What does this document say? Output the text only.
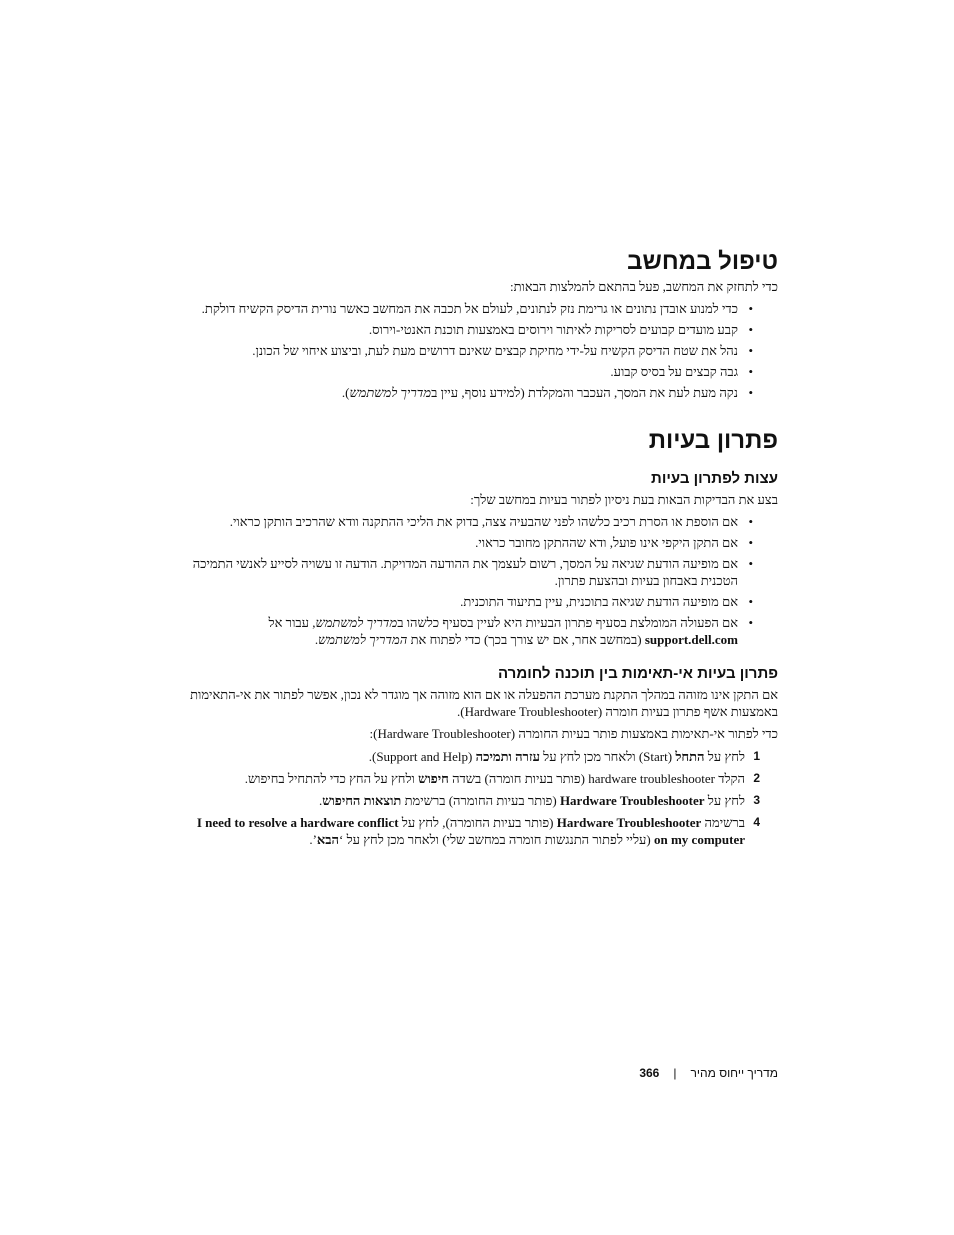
טיפול במחשב

כדי לתחזק את המחשב, פעל בהתאם להמלצות הבאות:

• כדי למנוע אובדן נתונים או גרימת נזק לנתונים, לעולם אל תכבה את המחשב כאשר נורית הדיסק הקשיח דולקת.
• קבע מועדים קבועים לסריקות לאיתור וירוסים באמצעות תוכנת האנטי-וירוס.
• נהל את שטח הדיסק הקשיח על-ידי מחיקת קבצים שאינם דרושים מעת לעת, וביצוע איחוי של הכונן.
• גבה קבצים על בסיס קבוע.
• נקה מעת לעת את המסך, העכבר והמקלדת (למידע נוסף, עיין במדריך למשתמש).
פתרון בעיות
עצות לפתרון בעיות

בצע את הבדיקות הבאות בעת ניסיון לפתור בעיות במחשב שלך:

• אם הוספת או הסרת רכיב כלשהו לפני שהבעיה צצה, בדוק את הליכי ההתקנה וודא שהרכיב הותקן כראוי.
• אם התקן היקפי אינו פועל, ודא שההתקן מחובר כראוי.
• אם מופיעה הודעת שגיאה על המסך, רשום לעצמך את ההודעה המדויקת. הודעה זו עשויה לסייע לאנשי התמיכה הטכנית באבחון בעיות ובהצעת פתרון.
• אם מופיעה הודעת שגיאה בתוכנית, עיין בתיעוד התוכנית.
• אם הפעולה המומלצת בסעיף פתרון הבעיות היא לעיין בסעיף כלשהו במדריך למשתמש, עבור אל support.dell.com (במחשב אחר, אם יש צורך בכך) כדי לפתוח את המדריך למשתמש.
פתרון בעיות אי-תאימות בין תוכנה לחומרה

אם התקן אינו מזוהה במהלך התקנת מערכת ההפעלה או אם הוא מזוהה אך מוגדר לא נכון, אפשר לפתור את אי-התאימות באמצעות אשף פתרון בעיות חומרה (Hardware Troubleshooter).

כדי לפתור אי-תאימות באמצעות פותר בעיות החומרה (Hardware Troubleshooter):

1
לחץ על התחל (Start) ולאחר מכן לחץ על עזרה ותמיכה (Support and Help).
2
הקלד hardware troubleshooter (פותר בעיות חומרה) בשדה חיפוש ולחץ על החץ כדי להתחיל בחיפוש.
3
לחץ על Hardware Troubleshooter (פותר בעיות החומרה) ברשימת תוצאות החיפוש.
4
ברשימה Hardware Troubleshooter (פותר בעיות החומרה), לחץ על I need to resolve a hardware conflict on my computer (עליי לפתור התנגשות חומרה במחשב שלי) ולאחר מכן לחץ על ‘הבא’.
מדריך ייחוס מהיר|366
